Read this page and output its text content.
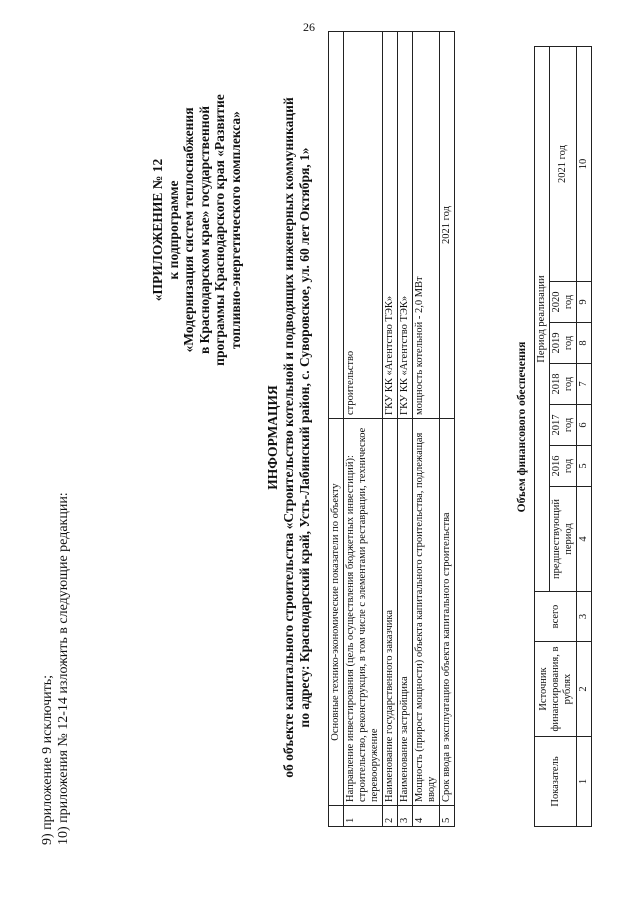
26
9) приложение 9 исключить; 10) приложения № 12-14 изложить в следующие редакции:
«ПРИЛОЖЕНИЕ № 12 к подпрограмме «Модернизация систем теплоснабжения в Краснодарском крае» государственной программы Краснодарского края «Развитие топливно-энергетического комплекса»
ИНФОРМАЦИЯ об объекте капитального строительства «Строительство котельной и подводящих инженерных коммуникаций по адресу: Краснодарский край, Усть-Лабинский район, с. Суворовское, ул. 60 лет Октября, 1»
	Основные технико-экономические показатели по объекту	
1	Направление инвестирования (цель осуществления бюджетных инвестиций): строительство, реконструкция, в том числе с элементами реставрации, техническое перевооружение	строительство
2	Наименование государственного заказчика	ГКУ КК «Агентство ТЭК»
3	Наименование застройщика	ГКУ КК «Агентство ТЭК»
4	Мощность (прирост мощности) объекта капитального строительства, подлежащая вводу	мощность котельной - 2,0 МВт
5	Срок ввода в эксплуатацию объекта капитального строительства	2021 год
Объем финансового обеспечения
Показатель	Источник финансирования, в рублях	всего	Период реализации						
			предшествующий период	2016 год	2017 год	2018 год	2019 год	2020 год	2021 год
1	2	3	4	5	6	7	8	9	10
